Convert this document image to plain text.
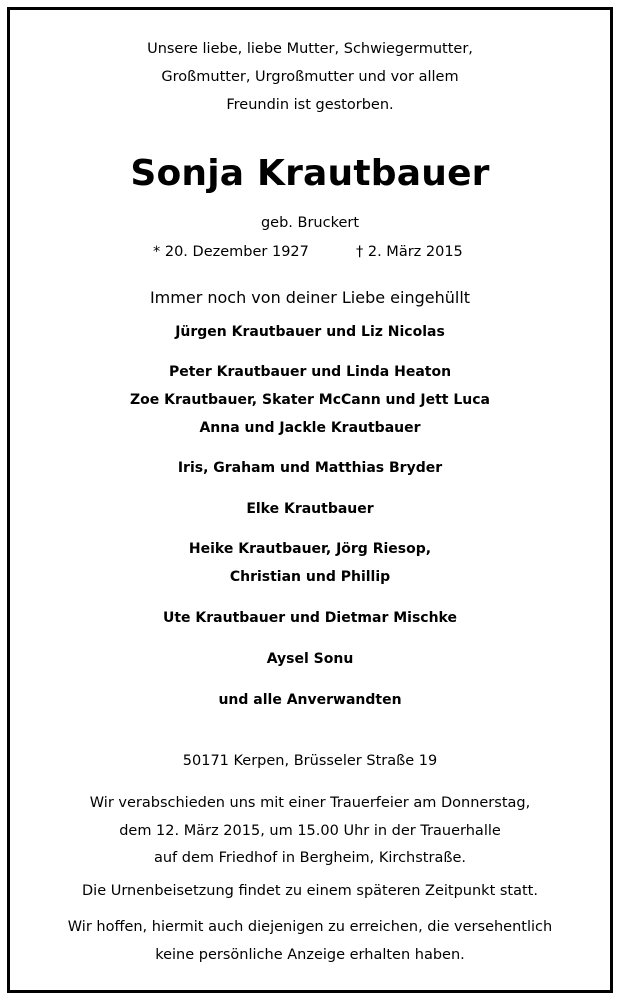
Unsere liebe, liebe Mutter, Schwiegermutter,
Großmutter, Urgroßmutter und vor allem
Freundin ist gestorben.
Sonja Krautbauer
geb. Bruckert
* 20. Dezember 1927	† 2. März 2015
Immer noch von deiner Liebe eingehüllt
Jürgen Krautbauer und Liz Nicolas
Peter Krautbauer und Linda Heaton
Zoe Krautbauer, Skater McCann und Jett Luca
Anna und Jackle Krautbauer
Iris, Graham und Matthias Bryder
Elke Krautbauer
Heike Krautbauer, Jörg Riesop,
Christian und Phillip
Ute Krautbauer und Dietmar Mischke
Aysel Sonu
und alle Anverwandten
50171 Kerpen, Brüsseler Straße 19
Wir verabschieden uns mit einer Trauerfeier am Donnerstag,
dem 12. März 2015, um 15.00 Uhr in der Trauerhalle
auf dem Friedhof in Bergheim, Kirchstraße.
Die Urnenbeisetzung findet zu einem späteren Zeitpunkt statt.
Wir hoffen, hiermit auch diejenigen zu erreichen, die versehentlich
keine persönliche Anzeige erhalten haben.
